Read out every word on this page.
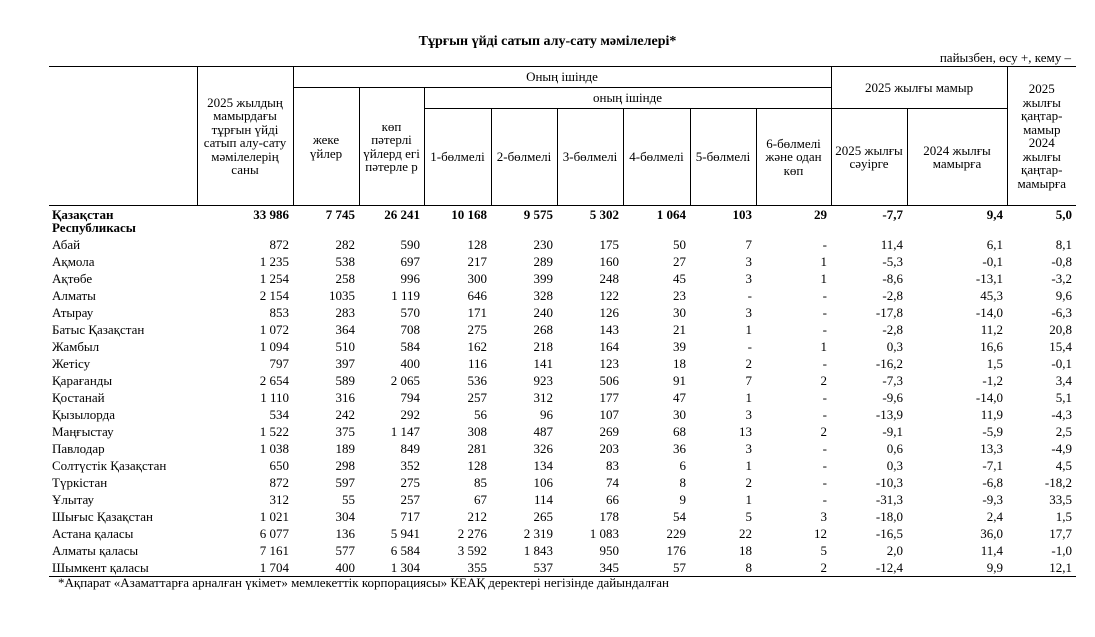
Тұрғын үйді сатып алу-сату мәмілелері*
пайызбен, өсу +, кему –
	2025 жылдың мамырдағы тұрғын үйді сатып алу-сату мәмілелерің саны	Оның ішінде								2025 жылғы мамыр		2025 жылғы қаңтар-мамыр 2024 жылғы қаңтар-мамырға
		жеке үйлер	көп пәтерлі үйлерд егі пәтерле р	оның ішінде								
				1-бөлмелі	2-бөлмелі	3-бөлмелі	4-бөлмелі	5-бөлмелі	6-бөлмелі және одан көп	2025 жылғы сәуірге	2024 жылғы мамырға	
Қазақстан Республикасы	33 986	7 745	26 241	10 168	9 575	5 302	1 064	103	29	-7,7	9,4	5,0
Абай	872	282	590	128	230	175	50	7	-	11,4	6,1	8,1
Ақмола	1 235	538	697	217	289	160	27	3	1	-5,3	-0,1	-0,8
Ақтөбе	1 254	258	996	300	399	248	45	3	1	-8,6	-13,1	-3,2
Алматы	2 154	1035	1 119	646	328	122	23	-	-	-2,8	45,3	9,6
Атырау	853	283	570	171	240	126	30	3	-	-17,8	-14,0	-6,3
Батыс Қазақстан	1 072	364	708	275	268	143	21	1	-	-2,8	11,2	20,8
Жамбыл	1 094	510	584	162	218	164	39	-	1	0,3	16,6	15,4
Жетісу	797	397	400	116	141	123	18	2	-	-16,2	1,5	-0,1
Қарағанды	2 654	589	2 065	536	923	506	91	7	2	-7,3	-1,2	3,4
Қостанай	1 110	316	794	257	312	177	47	1	-	-9,6	-14,0	5,1
Қызылорда	534	242	292	56	96	107	30	3	-	-13,9	11,9	-4,3
Маңғыстау	1 522	375	1 147	308	487	269	68	13	2	-9,1	-5,9	2,5
Павлодар	1 038	189	849	281	326	203	36	3	-	0,6	13,3	-4,9
Солтүстік Қазақстан	650	298	352	128	134	83	6	1	-	0,3	-7,1	4,5
Түркістан	872	597	275	85	106	74	8	2	-	-10,3	-6,8	-18,2
Ұлытау	312	55	257	67	114	66	9	1	-	-31,3	-9,3	33,5
Шығыс Қазақстан	1 021	304	717	212	265	178	54	5	3	-18,0	2,4	1,5
Астана қаласы	6 077	136	5 941	2 276	2 319	1 083	229	22	12	-16,5	36,0	17,7
Алматы қаласы	7 161	577	6 584	3 592	1 843	950	176	18	5	2,0	11,4	-1,0
Шымкент қаласы	1 704	400	1 304	355	537	345	57	8	2	-12,4	9,9	12,1
*Ақпарат «Азаматтарға арналған үкімет» мемлекеттік корпорациясы» КЕАҚ деректері негізінде дайындалған
